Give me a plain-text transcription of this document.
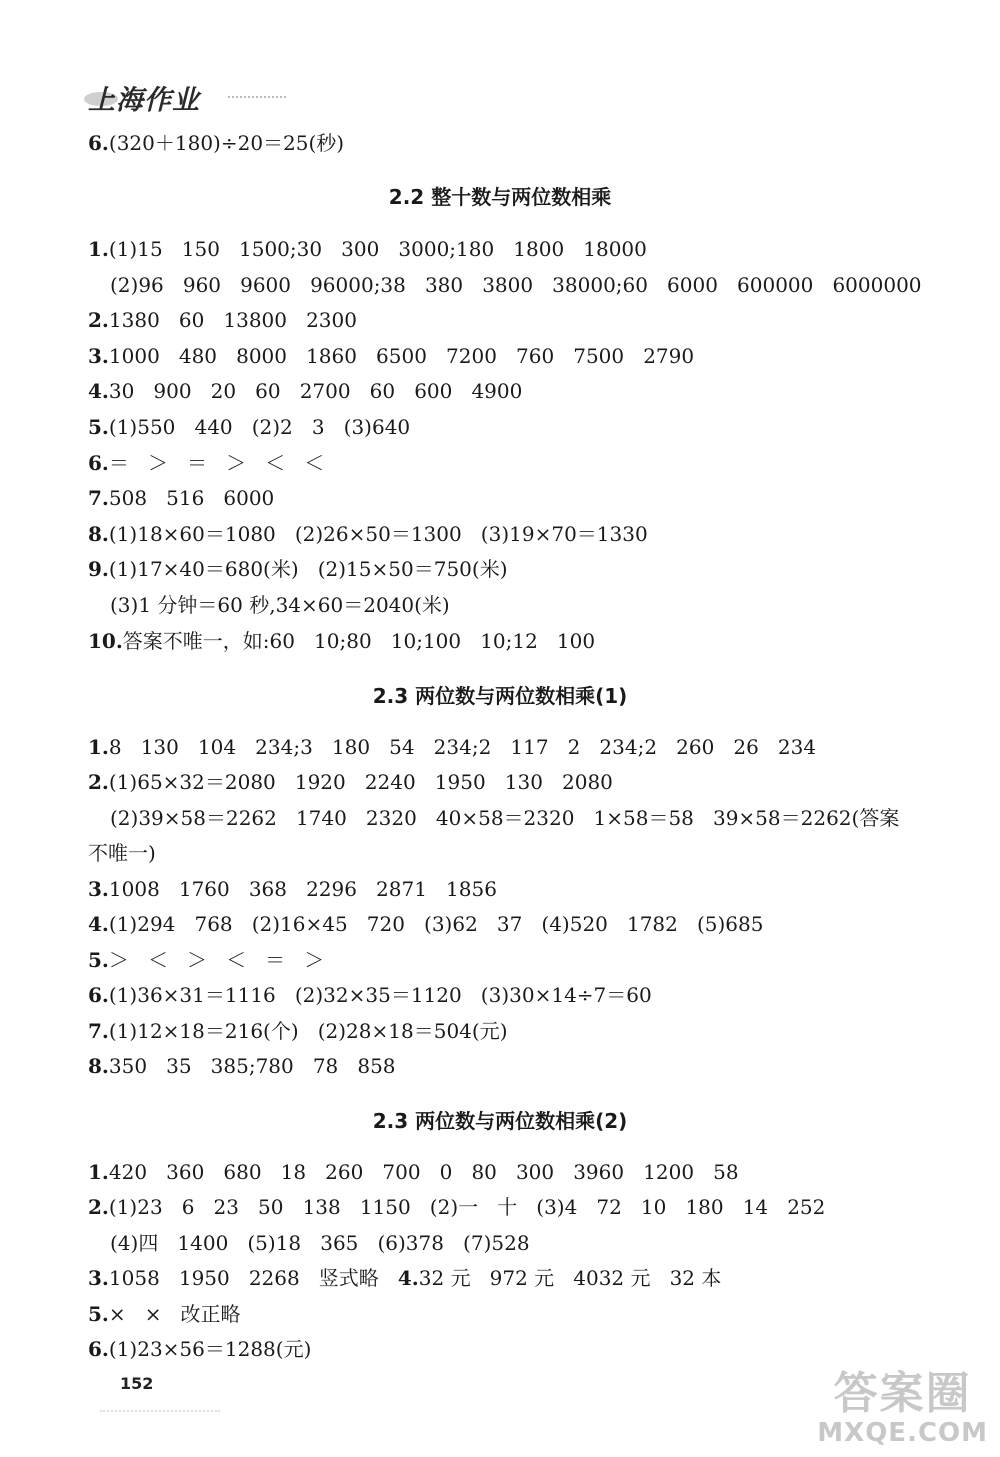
上海作业
6.(320＋180)÷20＝25(秒)
2.2 整十数与两位数相乘
1.(1)15   150   1500;30   300   3000;180   1800   18000
(2)96   960   9600   96000;38   380   3800   38000;60   6000   600000   6000000
2.1380   60   13800   2300
3.1000   480   8000   1860   6500   7200   760   7500   2790
4.30   900   20   60   2700   60   600   4900
5.(1)550   440   (2)2   3   (3)640
6.＝   ＞   ＝   ＞   ＜   ＜
7.508   516   6000
8.(1)18×60＝1080   (2)26×50＝1300   (3)19×70＝1330
9.(1)17×40＝680(米)   (2)15×50＝750(米)
(3)1 分钟＝60 秒,34×60＝2040(米)
10.答案不唯一，如:60   10;80   10;100   10;12   100
2.3 两位数与两位数相乘(1)
1.8   130   104   234;3   180   54   234;2   117   2   234;2   260   26   234
2.(1)65×32＝2080   1920   2240   1950   130   2080
(2)39×58＝2262   1740   2320   40×58＝2320   1×58＝58   39×58＝2262(答案
不唯一)
3.1008   1760   368   2296   2871   1856
4.(1)294   768   (2)16×45   720   (3)62   37   (4)520   1782   (5)685
5.＞   ＜   ＞   ＜   ＝   ＞
6.(1)36×31＝1116   (2)32×35＝1120   (3)30×14÷7＝60
7.(1)12×18＝216(个)   (2)28×18＝504(元)
8.350   35   385;780   78   858
2.3 两位数与两位数相乘(2)
1.420   360   680   18   260   700   0   80   300   3960   1200   58
2.(1)23   6   23   50   138   1150   (2)一   十   (3)4   72   10   180   14   252
(4)四   1400   (5)18   365   (6)378   (7)528
3.1058   1950   2268   竖式略   4.32 元   972 元   4032 元   32 本
5.×   ×   改正略
6.(1)23×56＝1288(元)
152	答案圈
MXQE.COM
